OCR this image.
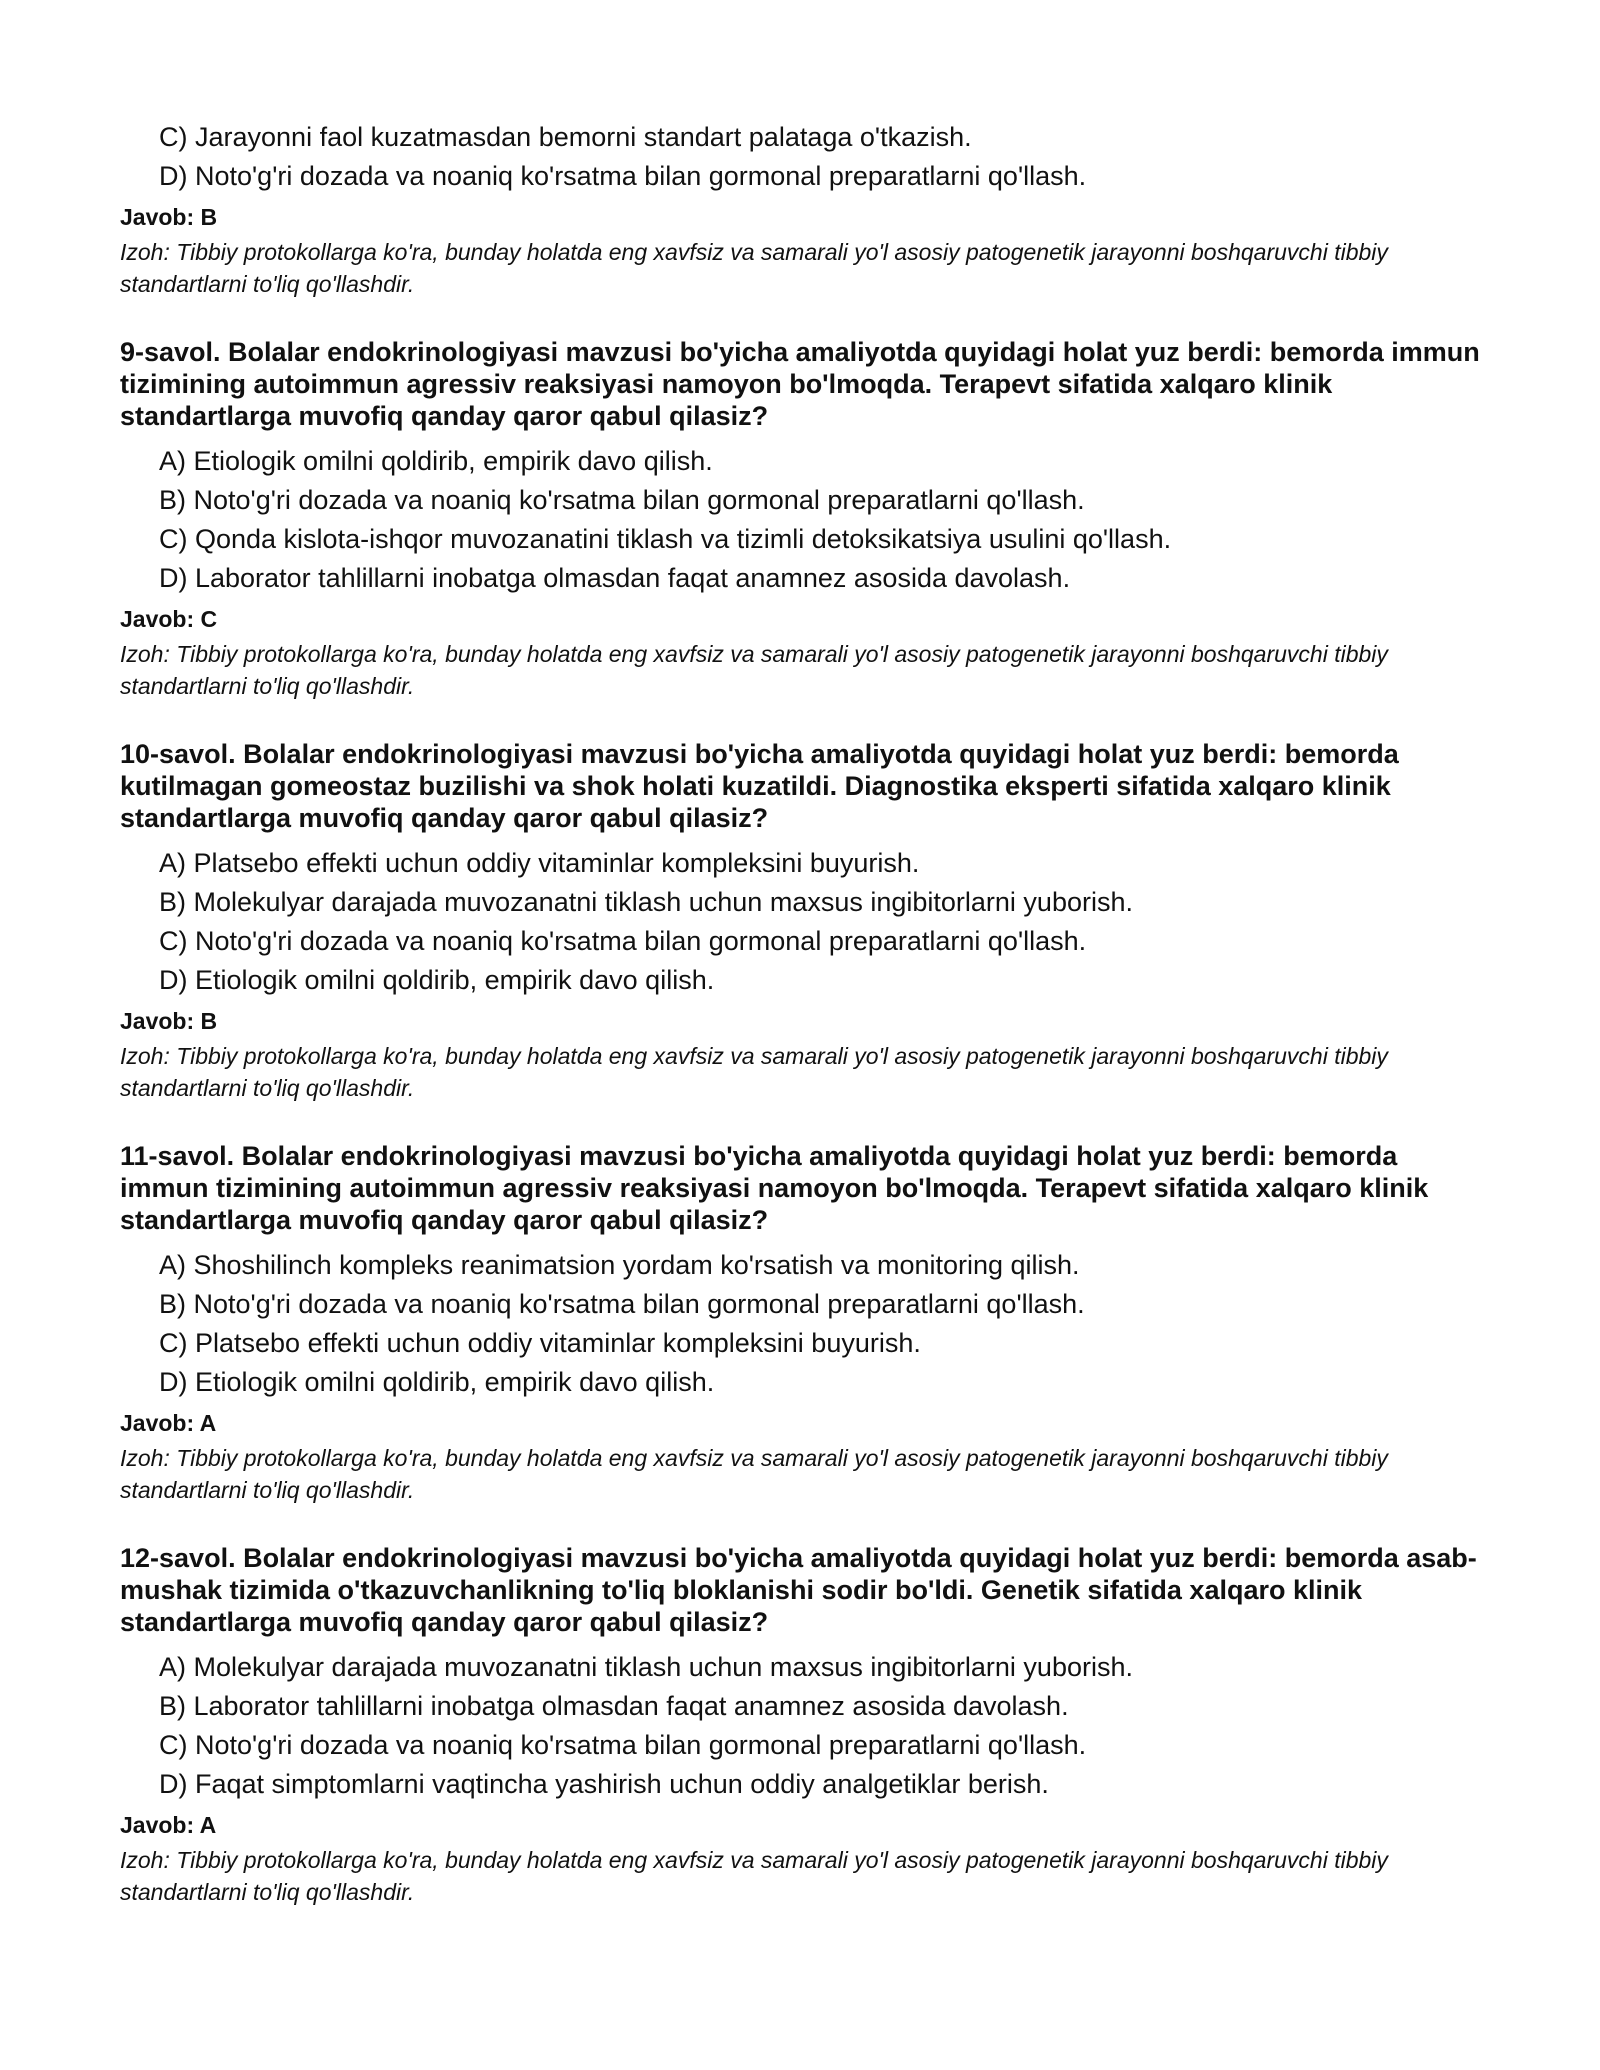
C) Jarayonni faol kuzatmasdan bemorni standart palataga o'tkazish.

D) Noto'g'ri dozada va noaniq ko'rsatma bilan gormonal preparatlarni qo'llash.

Javob: B

Izoh: Tibbiy protokollarga ko'ra, bunday holatda eng xavfsiz va samarali yo'l asosiy patogenetik jarayonni boshqaruvchi tibbiy standartlarni to'liq qo'llashdir.

9-savol. Bolalar endokrinologiyasi mavzusi bo'yicha amaliyotda quyidagi holat yuz berdi: bemorda immun tizimining autoimmun agressiv reaksiyasi namoyon bo'lmoqda. Terapevt sifatida xalqaro klinik standartlarga muvofiq qanday qaror qabul qilasiz?

A) Etiologik omilni qoldirib, empirik davo qilish.

B) Noto'g'ri dozada va noaniq ko'rsatma bilan gormonal preparatlarni qo'llash.

C) Qonda kislota-ishqor muvozanatini tiklash va tizimli detoksikatsiya usulini qo'llash.

D) Laborator tahlillarni inobatga olmasdan faqat anamnez asosida davolash.

Javob: C

Izoh: Tibbiy protokollarga ko'ra, bunday holatda eng xavfsiz va samarali yo'l asosiy patogenetik jarayonni boshqaruvchi tibbiy standartlarni to'liq qo'llashdir.

10-savol. Bolalar endokrinologiyasi mavzusi bo'yicha amaliyotda quyidagi holat yuz berdi: bemorda kutilmagan gomeostaz buzilishi va shok holati kuzatildi. Diagnostika eksperti sifatida xalqaro klinik standartlarga muvofiq qanday qaror qabul qilasiz?

A) Platsebo effekti uchun oddiy vitaminlar kompleksini buyurish.

B) Molekulyar darajada muvozanatni tiklash uchun maxsus ingibitorlarni yuborish.

C) Noto'g'ri dozada va noaniq ko'rsatma bilan gormonal preparatlarni qo'llash.

D) Etiologik omilni qoldirib, empirik davo qilish.

Javob: B

Izoh: Tibbiy protokollarga ko'ra, bunday holatda eng xavfsiz va samarali yo'l asosiy patogenetik jarayonni boshqaruvchi tibbiy standartlarni to'liq qo'llashdir.

11-savol. Bolalar endokrinologiyasi mavzusi bo'yicha amaliyotda quyidagi holat yuz berdi: bemorda immun tizimining autoimmun agressiv reaksiyasi namoyon bo'lmoqda. Terapevt sifatida xalqaro klinik standartlarga muvofiq qanday qaror qabul qilasiz?

A) Shoshilinch kompleks reanimatsion yordam ko'rsatish va monitoring qilish.

B) Noto'g'ri dozada va noaniq ko'rsatma bilan gormonal preparatlarni qo'llash.

C) Platsebo effekti uchun oddiy vitaminlar kompleksini buyurish.

D) Etiologik omilni qoldirib, empirik davo qilish.

Javob: A

Izoh: Tibbiy protokollarga ko'ra, bunday holatda eng xavfsiz va samarali yo'l asosiy patogenetik jarayonni boshqaruvchi tibbiy standartlarni to'liq qo'llashdir.

12-savol. Bolalar endokrinologiyasi mavzusi bo'yicha amaliyotda quyidagi holat yuz berdi: bemorda asab-mushak tizimida o'tkazuvchanlikning to'liq bloklanishi sodir bo'ldi. Genetik sifatida xalqaro klinik standartlarga muvofiq qanday qaror qabul qilasiz?

A) Molekulyar darajada muvozanatni tiklash uchun maxsus ingibitorlarni yuborish.

B) Laborator tahlillarni inobatga olmasdan faqat anamnez asosida davolash.

C) Noto'g'ri dozada va noaniq ko'rsatma bilan gormonal preparatlarni qo'llash.

D) Faqat simptomlarni vaqtincha yashirish uchun oddiy analgetiklar berish.

Javob: A

Izoh: Tibbiy protokollarga ko'ra, bunday holatda eng xavfsiz va samarali yo'l asosiy patogenetik jarayonni boshqaruvchi tibbiy standartlarni to'liq qo'llashdir.
